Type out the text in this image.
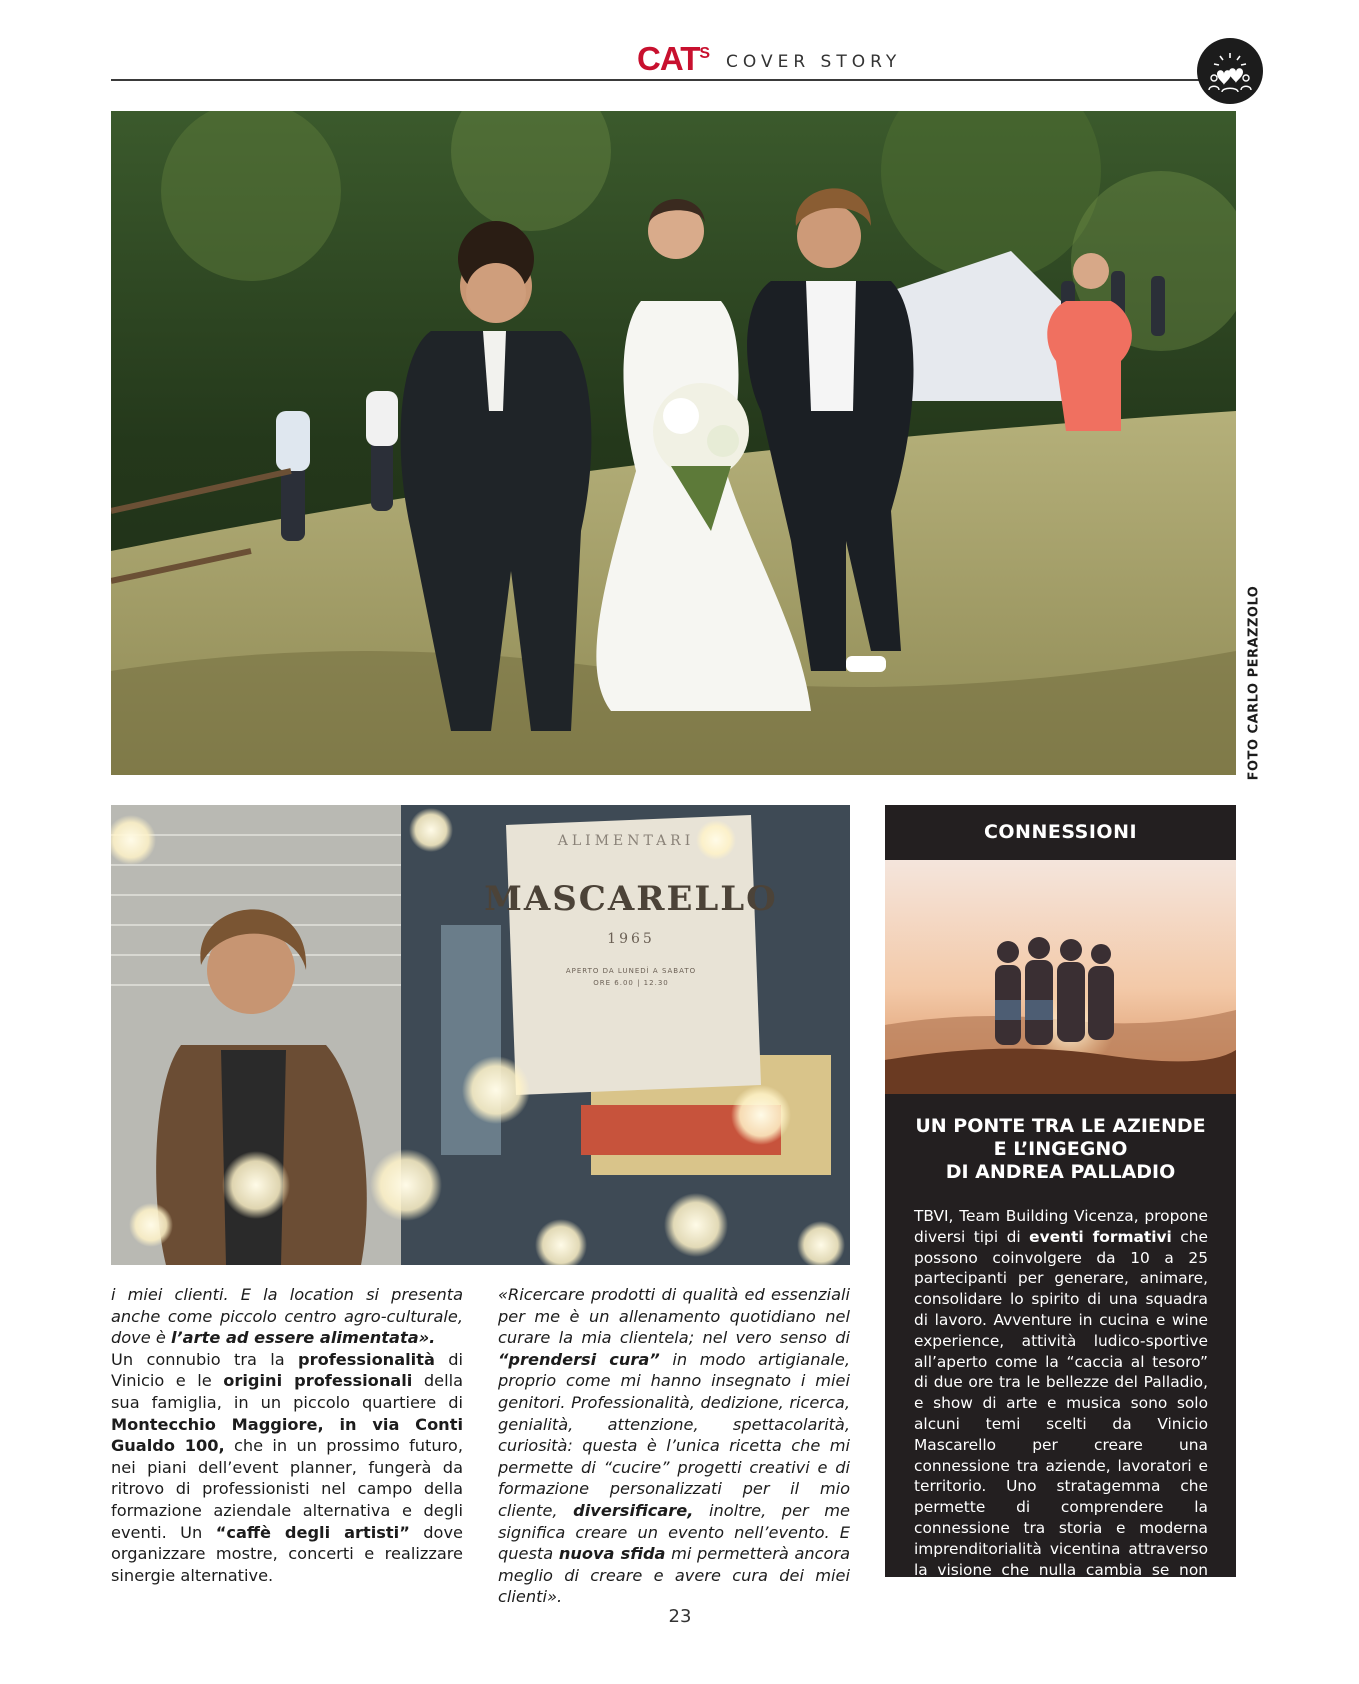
$CAT^S$ COVER STORY
FOTO CARLO PERAZZOLO
ALIMENTARI
MASCARELLO
1965
APERTO DA LUNEDÌ A SABATO
ORE 6.00 | 12.30

i miei clienti. E la location si presenta anche come piccolo centro agro-culturale, dove è l’arte ad essere alimentata».

Un connubio tra la professionalità di Vinicio e le origini professionali della sua famiglia, in un piccolo quartiere di Montecchio Maggiore, in via Conti Gualdo 100, che in un prossimo futuro, nei piani dell’event planner, fungerà da ritrovo di professionisti nel campo della formazione aziendale alternativa e degli eventi. Un “caffè degli artisti” dove organizzare mostre, concerti e realizzare sinergie alternative.

«Ricercare prodotti di qualità ed essenziali per me è un allenamento quotidiano nel curare la mia clientela; nel vero senso di “prendersi cura” in modo artigianale, proprio come mi hanno insegnato i miei genitori. Professionalità, dedizione, ricerca, genialità, attenzione, spettacolarità, curiosità: questa è l’unica ricetta che mi permette di “cucire” progetti creativi e di formazione personalizzati per il mio cliente, diversificare, inoltre, per me significa creare un evento nell’evento. E questa nuova sfida mi permetterà ancora meglio di creare e avere cura dei miei clienti».

CONNESSIONI
UN PONTE TRA LE AZIENDE
E L’INGEGNO
DI ANDREA PALLADIO
TBVI, Team Building Vicenza, propone diversi tipi di eventi formativi che possono coinvolgere da 10 a 25 partecipanti per generare, animare, consolidare lo spirito di una squadra di lavoro. Avventure in cucina e wine experience, attività ludico-sportive all’aperto come la “caccia al tesoro” di due ore tra le bellezze del Palladio, e show di arte e musica sono solo alcuni temi scelti da Vinicio Mascarello per creare una connessione tra aziende, lavoratori e territorio. Uno stratagemma che permette di comprendere la connessione tra storia e moderna imprenditorialità vicentina attraverso la visione che nulla cambia se non l’ingegno umano.
23
